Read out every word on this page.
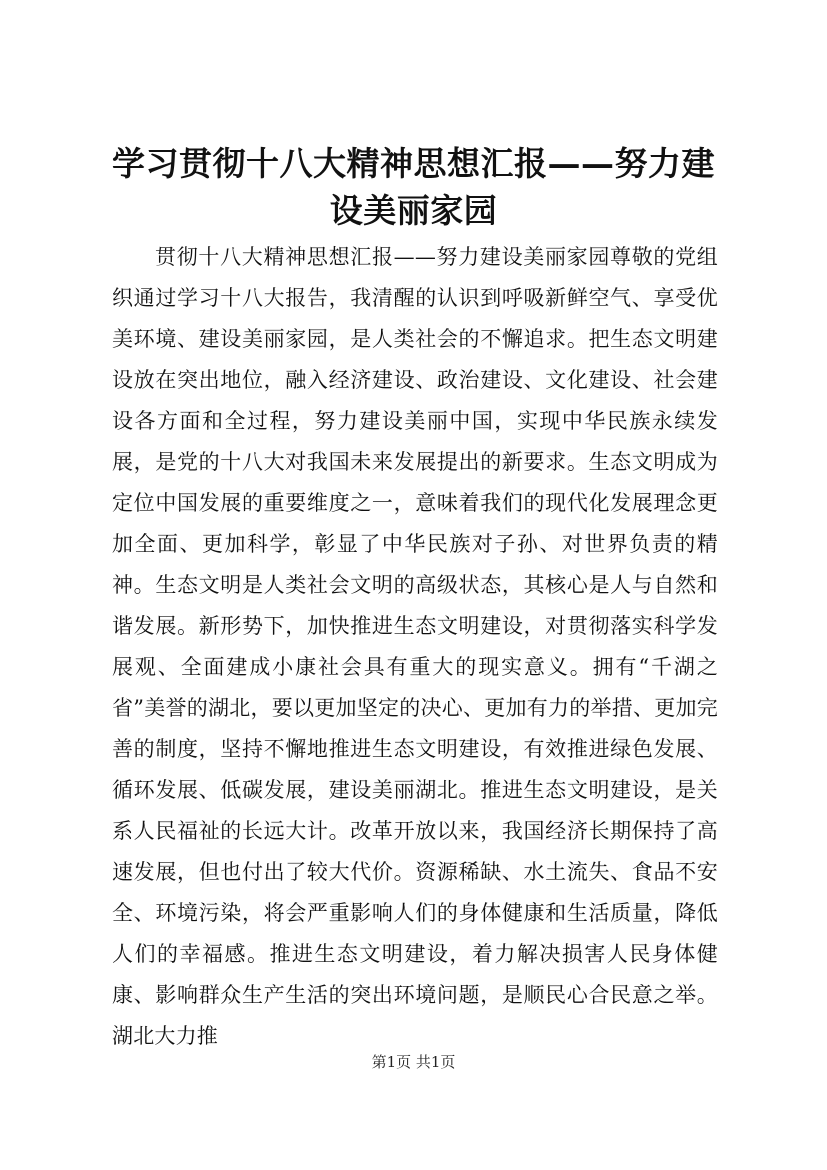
学习贯彻十八大精神思想汇报——努力建设美丽家园

贯彻十八大精神思想汇报——努力建设美丽家园尊敬的党组织通过学习十八大报告，我清醒的认识到呼吸新鲜空气、享受优美环境、建设美丽家园，是人类社会的不懈追求。把生态文明建设放在突出地位，融入经济建设、政治建设、文化建设、社会建设各方面和全过程，努力建设美丽中国，实现中华民族永续发展，是党的十八大对我国未来发展提出的新要求。生态文明成为定位中国发展的重要维度之一，意味着我们的现代化发展理念更加全面、更加科学，彰显了中华民族对子孙、对世界负责的精神。生态文明是人类社会文明的高级状态，其核心是人与自然和谐发展。新形势下，加快推进生态文明建设，对贯彻落实科学发展观、全面建成小康社会具有重大的现实意义。拥有“千湖之省”美誉的湖北，要以更加坚定的决心、更加有力的举措、更加完善的制度，坚持不懈地推进生态文明建设，有效推进绿色发展、循环发展、低碳发展，建设美丽湖北。推进生态文明建设，是关系人民福祉的长远大计。改革开放以来，我国经济长期保持了高速发展，但也付出了较大代价。资源稀缺、水土流失、食品不安全、环境污染，将会严重影响人们的身体健康和生活质量，降低人们的幸福感。推进生态文明建设，着力解决损害人民身体健康、影响群众生产生活的突出环境问题，是顺民心合民意之举。湖北大力推

第1页 共1页
